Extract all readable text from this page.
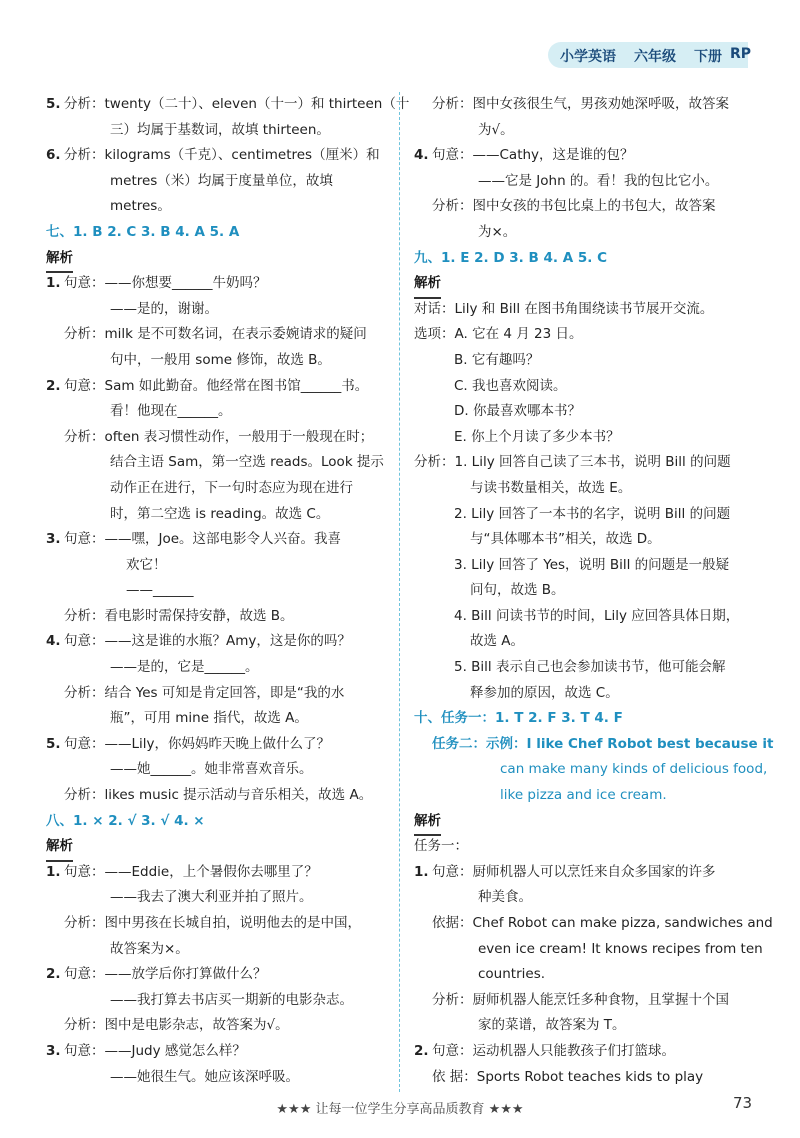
小学英语 六年级 下册 RP
5.分析：twenty（二十）、eleven（十一）和 thirteen（十
三）均属于基数词，故填 thirteen。
6.分析：kilograms（千克）、centimetres（厘米）和
metres（米）均属于度量单位，故填
metres。
七、1. B 2. C 3. B 4. A 5. A
解析
1.句意：——你想要______牛奶吗？
——是的，谢谢。
分析：milk 是不可数名词，在表示委婉请求的疑问
句中，一般用 some 修饰，故选 B。
2.句意：Sam 如此勤奋。他经常在图书馆______书。
看！他现在______。
分析：often 表习惯性动作，一般用于一般现在时；
结合主语 Sam，第一空选 reads。Look 提示
动作正在进行，下一句时态应为现在进行
时，第二空选 is reading。故选 C。
3.句意：——嘿，Joe。这部电影令人兴奋。我喜
欢它！
——______
分析：看电影时需保持安静，故选 B。
4.句意：——这是谁的水瓶？Amy，这是你的吗？
——是的，它是______。
分析：结合 Yes 可知是肯定回答，即是“我的水
瓶”，可用 mine 指代，故选 A。
5.句意：——Lily，你妈妈昨天晚上做什么了？
——她______。她非常喜欢音乐。
分析：likes music 提示活动与音乐相关，故选 A。
八、1. × 2. √ 3. √ 4. ×
解析
1.句意：——Eddie，上个暑假你去哪里了？
——我去了澳大利亚并拍了照片。
分析：图中男孩在长城自拍，说明他去的是中国，
故答案为×。
2.句意：——放学后你打算做什么？
——我打算去书店买一期新的电影杂志。
分析：图中是电影杂志，故答案为√。
3.句意：——Judy 感觉怎么样？
——她很生气。她应该深呼吸。
分析：图中女孩很生气，男孩劝她深呼吸，故答案
为√。
4.句意：——Cathy，这是谁的包？
——它是 John 的。看！我的包比它小。
分析：图中女孩的书包比桌上的书包大，故答案
为×。
九、1. E 2. D 3. B 4. A 5. C
解析
对话：Lily 和 Bill 在图书角围绕读书节展开交流。
选项：A. 它在 4 月 23 日。
B. 它有趣吗？
C. 我也喜欢阅读。
D. 你最喜欢哪本书？
E. 你上个月读了多少本书？
分析：1. Lily 回答自己读了三本书，说明 Bill 的问题
与读书数量相关，故选 E。
2. Lily 回答了一本书的名字，说明 Bill 的问题
与“具体哪本书”相关，故选 D。
3. Lily 回答了 Yes，说明 Bill 的问题是一般疑
问句，故选 B。
4. Bill 问读书节的时间，Lily 应回答具体日期，
故选 A。
5. Bill 表示自己也会参加读书节，他可能会解
释参加的原因，故选 C。
十、任务一：1. T 2. F 3. T 4. F
任务二：示例：I like Chef Robot best because it
can make many kinds of delicious food,
like pizza and ice cream.
解析
任务一：
1.句意：厨师机器人可以烹饪来自众多国家的许多
种美食。
依据：Chef Robot can make pizza, sandwiches and
even ice cream! It knows recipes from ten
countries.
分析：厨师机器人能烹饪多种食物，且掌握十个国
家的菜谱，故答案为 T。
2.句意：运动机器人只能教孩子们打篮球。
依 据：Sports Robot teaches kids to play
★★★ 让每一位学生分享高品质教育 ★★★	73
